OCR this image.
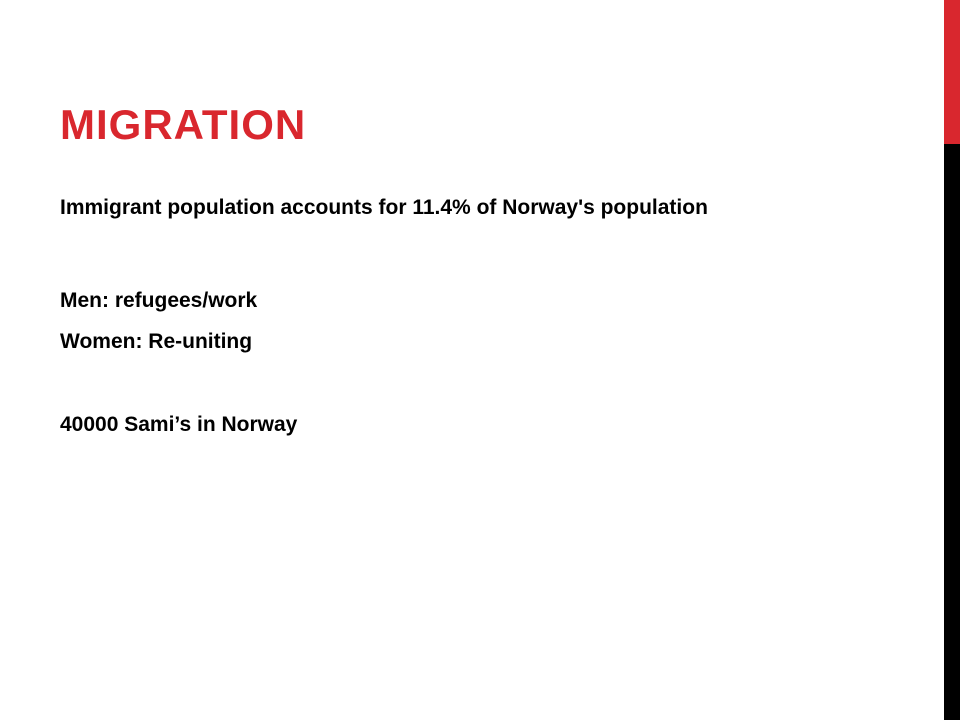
MIGRATION

Immigrant population accounts for 11.4% of Norway's population

Men: refugees/work

Women: Re-uniting

40000 Sami’s in Norway
